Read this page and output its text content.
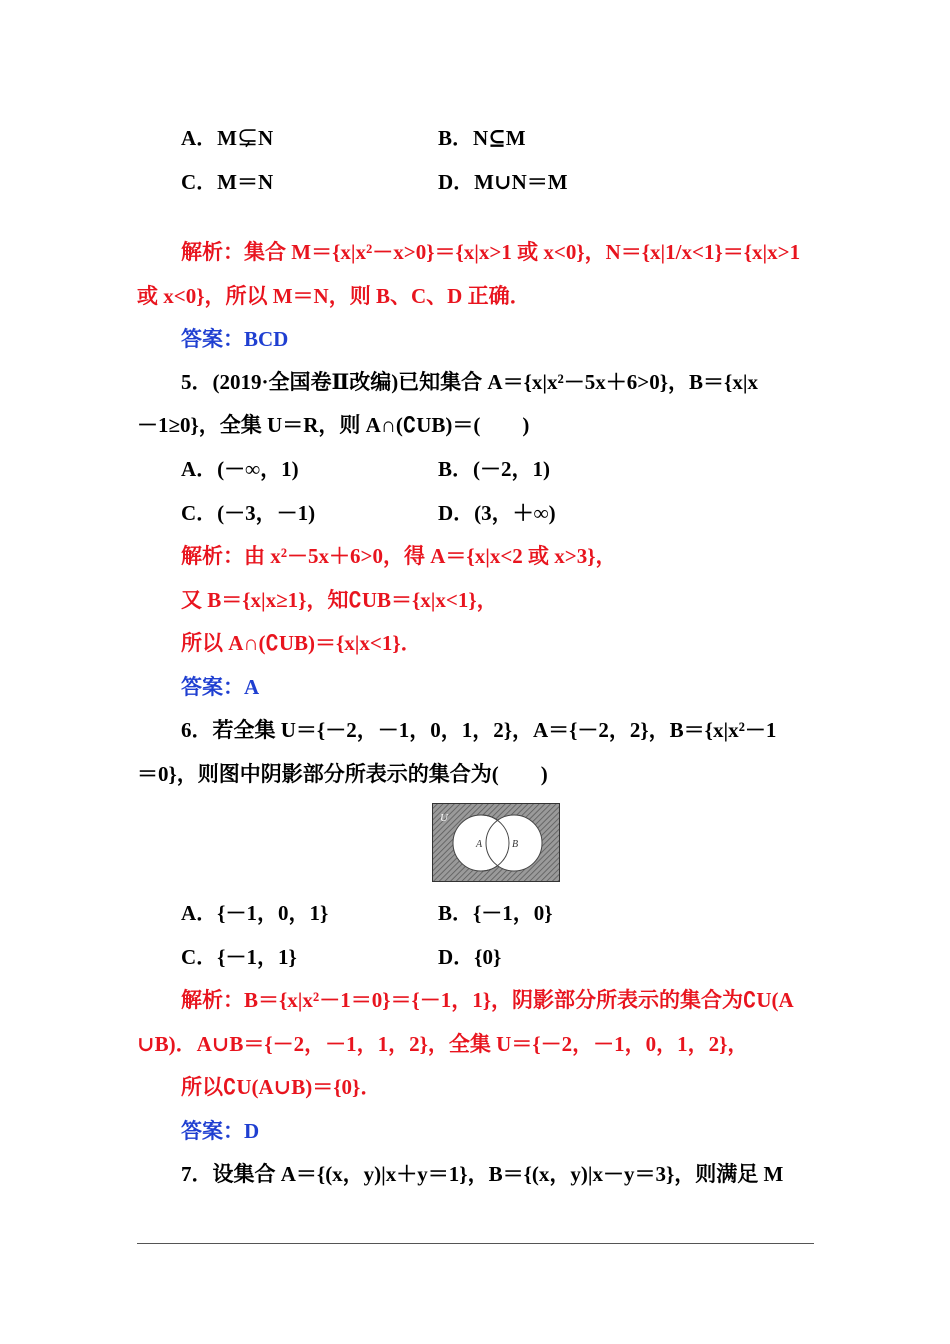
A．M⊊N	B．N⊆M
C．M＝N	D．M∪N＝M
解析：集合 M＝{x|x²－x>0}＝{x|x>1 或 x<0}，N＝{x|1/x<1}＝{x|x>1
或 x<0}，所以 M＝N，则 B、C、D 正确．
答案：BCD
5．(2019·全国卷Ⅱ改编)已知集合 A＝{x|x²－5x＋6>0}，B＝{x|x
－1≥0}，全集 U＝R，则 A∩(∁UB)＝(　　)
A．(－∞，1)	B．(－2，1)
C．(－3，－1)	D．(3，＋∞)
解析：由 x²－5x＋6>0，得 A＝{x|x<2 或 x>3}，
又 B＝{x|x≥1}，知∁UB＝{x|x<1}，
所以 A∩(∁UB)＝{x|x<1}．
答案：A
6．若全集 U＝{－2，－1，0，1，2}，A＝{－2，2}，B＝{x|x²－1
＝0}，则图中阴影部分所表示的集合为(　　)
U
A	B
A．{－1，0，1}	B．{－1，0}
C．{－1，1}	D．{0}
解析：B＝{x|x²－1＝0}＝{－1，1}，阴影部分所表示的集合为∁U(A
∪B)．A∪B＝{－2，－1，1，2}，全集 U＝{－2，－1，0，1，2}，
所以∁U(A∪B)＝{0}．
答案：D
7．设集合 A＝{(x，y)|x＋y＝1}，B＝{(x，y)|x－y＝3}，则满足 M
